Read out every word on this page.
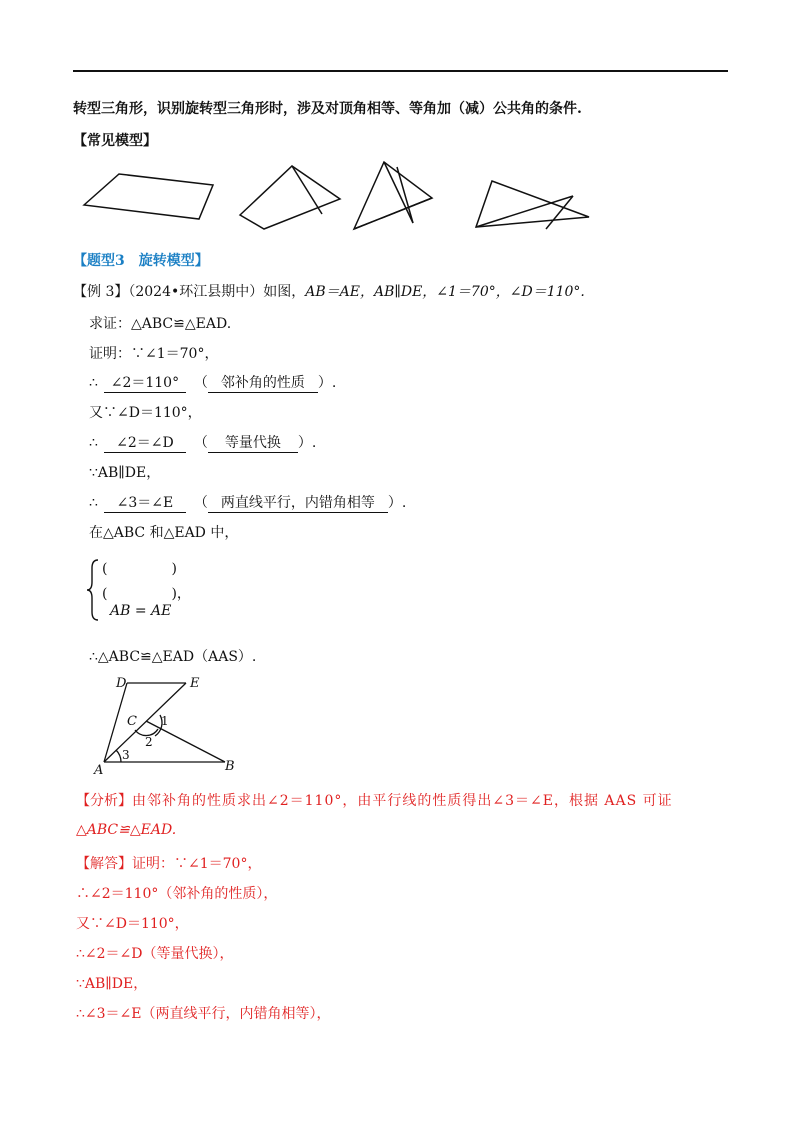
转型三角形，识别旋转型三角形时，涉及对顶角相等、等角加（减）公共角的条件.
【常见模型】
【题型3　旋转模型】
【例 3】（2024•环江县期中）如图，AB＝AE，AB∥DE，∠1＝70°，∠D＝110°.
求证：△ABC≌△EAD.
证明：∵∠1＝70°，
∴ ∠2＝110° （ 邻补角的性质 ）.
又∵∠D＝110°，
∴ ∠2＝∠D （ 等量代换 ）.
∵AB∥DE，
∴ ∠3＝∠E （ 两直线平行，内错角相等 ）.
在△ABC 和△EAD 中，
(	)
(	)，
AB = AE
∴△ABC≌△EAD（AAS）.
D	E
C
A	B
1
2
3
【分析】由邻补角的性质求出∠2＝110°，由平行线的性质得出∠3＝∠E，根据 AAS 可证
△ABC≌△EAD.
【解答】证明：∵∠1＝70°，
∴∠2＝110°（邻补角的性质），
又∵∠D＝110°，
∴∠2＝∠D（等量代换），
∵AB∥DE，
∴∠3＝∠E（两直线平行，内错角相等），
